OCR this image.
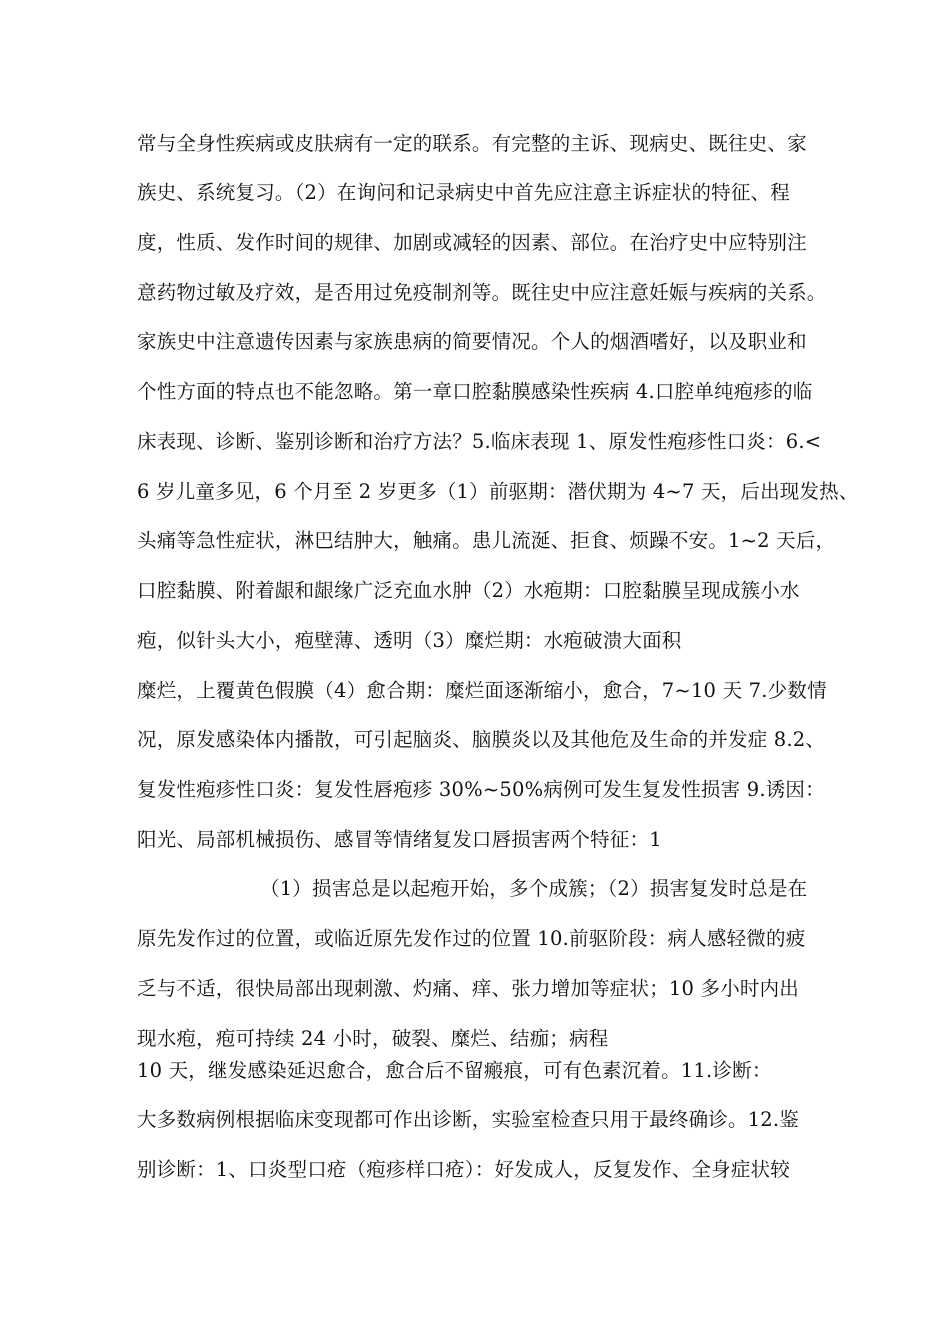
常与全身性疾病或皮肤病有一定的联系。有完整的主诉、现病史、既往史、家
族史、系统复习。（2）在询问和记录病史中首先应注意主诉症状的特征、程
度，性质、发作时间的规律、加剧或减轻的因素、部位。在治疗史中应特别注
意药物过敏及疗效，是否用过免疫制剂等。既往史中应注意妊娠与疾病的关系。
家族史中注意遗传因素与家族患病的简要情况。个人的烟酒嗜好，以及职业和
个性方面的特点也不能忽略。第一章口腔黏膜感染性疾病 4.口腔单纯疱疹的临
床表现、诊断、鉴别诊断和治疗方法？5.临床表现 1、原发性疱疹性口炎：6.<
6 岁儿童多见，6 个月至 2 岁更多（1）前驱期：潜伏期为 4~7 天，后出现发热、
头痛等急性症状，淋巴结肿大，触痛。患儿流涎、拒食、烦躁不安。1~2 天后，
口腔黏膜、附着龈和龈缘广泛充血水肿（2）水疱期：口腔黏膜呈现成簇小水
疱，似针头大小，疱壁薄、透明（3）糜烂期：水疱破溃大面积
糜烂，上覆黄色假膜（4）愈合期：糜烂面逐渐缩小，愈合，7~10 天 7.少数情
况，原发感染体内播散，可引起脑炎、脑膜炎以及其他危及生命的并发症 8.2、
复发性疱疹性口炎：复发性唇疱疹 30%~50%病例可发生复发性损害 9.诱因：
阳光、局部机械损伤、感冒等情绪复发口唇损害两个特征：1
（1）损害总是以起疱开始，多个成簇；（2）损害复发时总是在
原先发作过的位置，或临近原先发作过的位置 10.前驱阶段：病人感轻微的疲
乏与不适，很快局部出现刺激、灼痛、痒、张力增加等症状；10 多小时内出
现水疱，疱可持续 24 小时，破裂、糜烂、结痂；病程
10 天，继发感染延迟愈合，愈合后不留瘢痕，可有色素沉着。11.诊断：
大多数病例根据临床变现都可作出诊断，实验室检查只用于最终确诊。12.鉴
别诊断：1、口炎型口疮（疱疹样口疮）：好发成人，反复发作、全身症状较
